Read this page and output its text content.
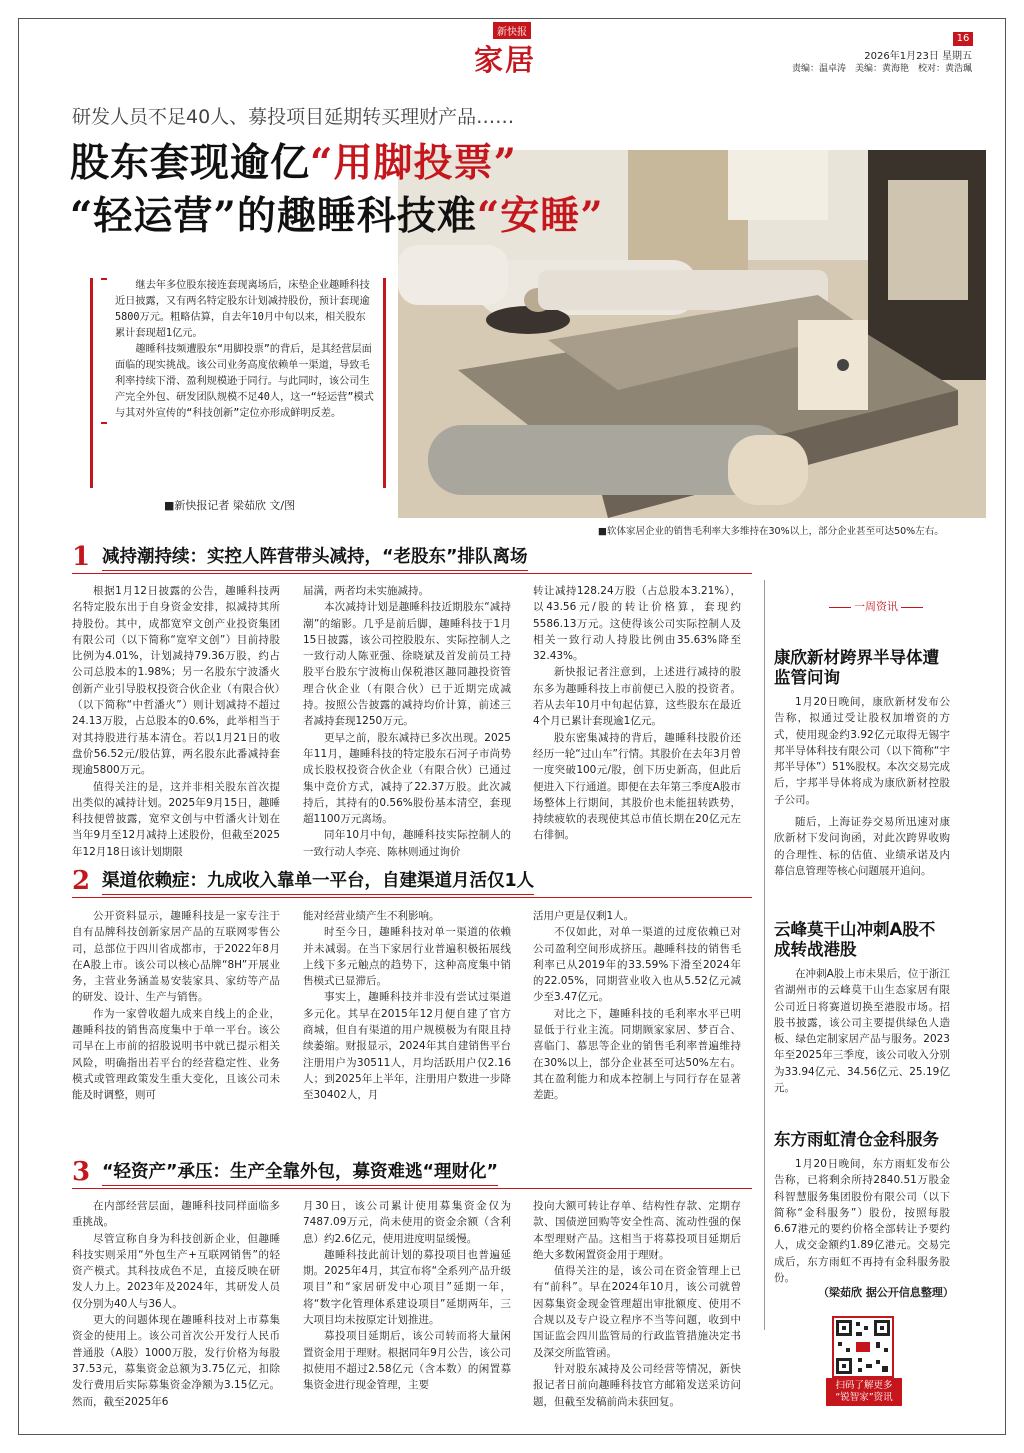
新快报
家居
16
2026年1月23日 星期五
责编：温卓涛　美编：黄海艳　校对：黄浩珮
研发人员不足40人、募投项目延期转买理财产品……
股东套现逾亿“用脚投票”
“轻运营”的趣睡科技难“安睡”

继去年多位股东接连套现离场后，床垫企业趣睡科技近日披露，又有两名特定股东计划减持股份，预计套现逾5800万元。粗略估算，自去年10月中旬以来，相关股东累计套现超1亿元。

趣睡科技频遭股东“用脚投票”的背后，是其经营层面面临的现实挑战。该公司业务高度依赖单一渠道，导致毛利率持续下滑、盈利规模逊于同行。与此同时，该公司生产完全外包、研发团队规模不足40人，这一“轻运营”模式与其对外宣传的“科技创新”定位亦形成鲜明反差。

■新快报记者 梁茹欣 文/图
■软体家居企业的销售毛利率大多维持在30%以上，部分企业甚至可达50%左右。
1 减持潮持续：实控人阵营带头减持，“老股东”排队离场

根据1月12日披露的公告，趣睡科技两名特定股东出于自身资金安排，拟减持其所持股份。其中，成都宽窄文创产业投资集团有限公司（以下简称“宽窄文创”）目前持股比例为4.01%，计划减持79.36万股，约占公司总股本的1.98%；另一名股东宁波潘火创新产业引导股权投资合伙企业（有限合伙）（以下简称“中哲潘火”）则计划减持不超过24.13万股，占总股本的0.6%，此举相当于对其持股进行基本清仓。若以1月21日的收盘价56.52元/股估算，两名股东此番减持套现逾5800万元。

值得关注的是，这并非相关股东首次提出类似的减持计划。2025年9月15日，趣睡科技便曾披露，宽窄文创与中哲潘火计划在当年9月至12月减持上述股份，但截至2025年12月18日该计划期限

届满，两者均未实施减持。

本次减持计划是趣睡科技近期股东“减持潮”的缩影。几乎是前后脚，趣睡科技于1月15日披露，该公司控股股东、实际控制人之一致行动人陈亚强、徐晓斌及首发前员工持股平台股东宁波梅山保税港区趣同趣投资管理合伙企业（有限合伙）已于近期完成减持。按照公告披露的减持均价计算，前述三者减持套现1250万元。

更早之前，股东减持已多次出现。2025年11月，趣睡科技的特定股东石河子市尚势成长股权投资合伙企业（有限合伙）已通过集中竞价方式，减持了22.37万股。此次减持后，其持有的0.56%股份基本清空，套现超1100万元离场。

同年10月中旬，趣睡科技实际控制人的一致行动人李亮、陈林则通过询价

转让减持128.24万股（占总股本3.21%），以43.56元/股的转让价格算，套现约5586.13万元。这使得该公司实际控制人及相关一致行动人持股比例由35.63%降至32.43%。

新快报记者注意到，上述进行减持的股东多为趣睡科技上市前便已入股的投资者。若从去年10月中旬起估算，这些股东在最近4个月已累计套现逾1亿元。

股东密集减持的背后，趣睡科技股价还经历一轮“过山车”行情。其股价在去年3月曾一度突破100元/股，创下历史新高，但此后便进入下行通道。即便在去年第三季度A股市场整体上行期间，其股价也未能扭转跌势，持续疲软的表现使其总市值长期在20亿元左右徘徊。

2 渠道依赖症：九成收入靠单一平台，自建渠道月活仅1人

公开资料显示，趣睡科技是一家专注于自有品牌科技创新家居产品的互联网零售公司，总部位于四川省成都市，于2022年8月在A股上市。该公司以核心品牌“8H”开展业务，主营业务涵盖易安装家具、家纺等产品的研发、设计、生产与销售。

作为一家曾收超九成来自线上的企业，趣睡科技的销售高度集中于单一平台。该公司早在上市前的招股说明书中就已提示相关风险，明确指出若平台的经营稳定性、业务模式或管理政策发生重大变化，且该公司未能及时调整，则可

能对经营业绩产生不利影响。

时至今日，趣睡科技对单一渠道的依赖并未减弱。在当下家居行业普遍积极拓展线上线下多元触点的趋势下，这种高度集中销售模式已显滞后。

事实上，趣睡科技并非没有尝试过渠道多元化。其早在2015年12月便自建了官方商城，但自有渠道的用户规模极为有限且持续萎缩。财报显示，2024年其自建销售平台注册用户为30511人，月均活跃用户仅2.16人；到2025年上半年，注册用户数进一步降至30402人，月

活用户更是仅剩1人。

不仅如此，对单一渠道的过度依赖已对公司盈利空间形成挤压。趣睡科技的销售毛利率已从2019年的33.59%下滑至2024年的22.05%，同期营业收入也从5.52亿元减少至3.47亿元。

对比之下，趣睡科技的毛利率水平已明显低于行业主流。同期顾家家居、梦百合、喜临门、慕思等企业的销售毛利率普遍维持在30%以上，部分企业甚至可达50%左右。其在盈利能力和成本控制上与同行存在显著差距。

3 “轻资产”承压：生产全靠外包，募资难逃“理财化”

在内部经营层面，趣睡科技同样面临多重挑战。

尽管宣称自身为科技创新企业，但趣睡科技实则采用“外包生产+互联网销售”的轻资产模式。其科技成色不足，直接反映在研发人力上。2023年及2024年，其研发人员仅分别为40人与36人。

更大的问题体现在趣睡科技对上市募集资金的使用上。该公司首次公开发行人民币普通股（A股）1000万股，发行价格为每股37.53元，募集资金总额为3.75亿元，扣除发行费用后实际募集资金净额为3.15亿元。然而，截至2025年6

月30日，该公司累计使用募集资金仅为7487.09万元，尚未使用的资金余额（含利息）约2.6亿元，使用进度明显缓慢。

趣睡科技此前计划的募投项目也普遍延期。2025年4月，其宣布将“全系列产品升级项目”和“家居研发中心项目”延期一年，将“数字化管理体系建设项目”延期两年，三大项目均未按原定计划推进。

募投项目延期后，该公司转而将大量闲置资金用于理财。根据同年9月公告，该公司拟使用不超过2.58亿元（含本数）的闲置募集资金进行现金管理，主要

投向大额可转让存单、结构性存款、定期存款、国债逆回购等安全性高、流动性强的保本型理财产品。这相当于将募投项目延期后绝大多数闲置资金用于理财。

值得关注的是，该公司在资金管理上已有“前科”。早在2024年10月，该公司就曾因募集资金现金管理超出审批额度、使用不合规以及专户设立程序不当等问题，收到中国证监会四川监管局的行政监管措施决定书及深交所监管函。

针对股东减持及公司经营等情况，新快报记者日前向趣睡科技官方邮箱发送采访问题，但截至发稿前尚未获回复。

一周资讯
康欣新材跨界半导体遭监管问询

1月20日晚间，康欣新材发布公告称，拟通过受让股权加增资的方式，使用现金约3.92亿元取得无锡宇邦半导体科技有限公司（以下简称“宇邦半导体”）51%股权。本次交易完成后，宇邦半导体将成为康欣新材控股子公司。

随后，上海证券交易所迅速对康欣新材下发问询函，对此次跨界收购的合理性、标的估值、业绩承诺及内幕信息管理等核心问题展开追问。

云峰莫干山冲刺A股不成转战港股

在冲刺A股上市未果后，位于浙江省湖州市的云峰莫干山生态家居有限公司近日将赛道切换至港股市场。招股书披露，该公司主要提供绿色人造板、绿色定制家居产品与服务。2023年至2025年三季度，该公司收入分别为33.94亿元、34.56亿元、25.19亿元。

东方雨虹清仓金科服务

1月20日晚间，东方雨虹发布公告称，已将剩余所持2840.51万股金科智慧服务集团股份有限公司（以下简称“金科服务”）股份，按照每股6.67港元的要约价格全部转让予要约人，成交金额约1.89亿港元。交易完成后，东方雨虹不再持有金科服务股份。

（梁茹欣 据公开信息整理）
扫码了解更多
“锐智家”资讯
